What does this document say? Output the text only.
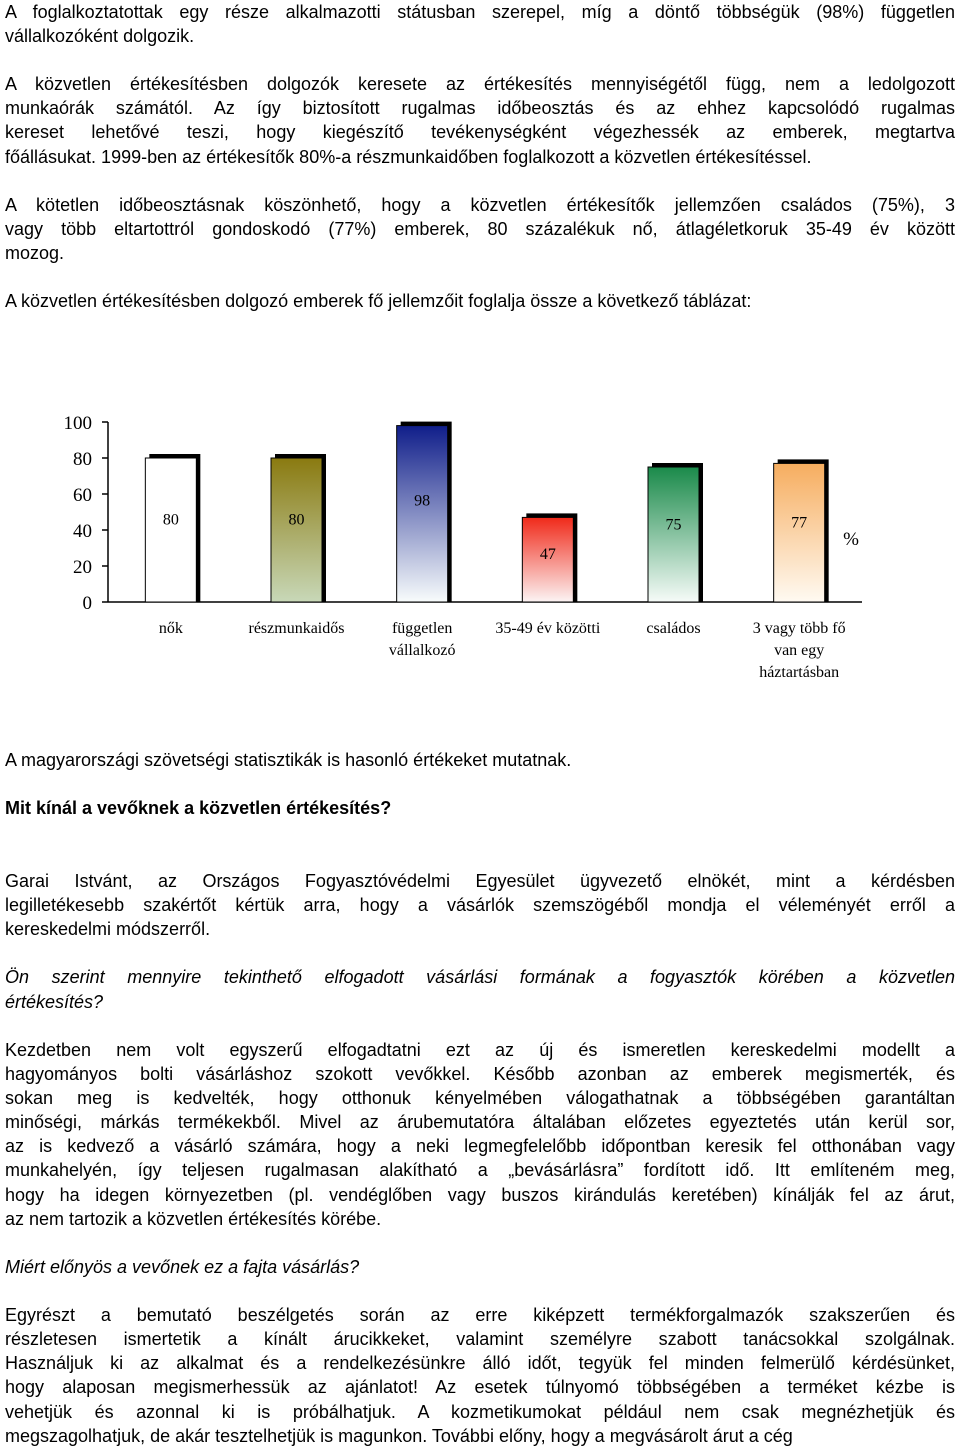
A foglalkoztatottak egy része alkalmazotti státusban szerepel, míg a döntő többségük (98%) független
vállalkozóként dolgozik.
A közvetlen értékesítésben dolgozók keresete az értékesítés mennyiségétől függ, nem a ledolgozott
munkaórák számától. Az így biztosított rugalmas időbeosztás és az ehhez kapcsolódó rugalmas
kereset lehetővé teszi, hogy kiegészítő tevékenységként végezhessék az emberek, megtartva
főállásukat. 1999-ben az értékesítők 80%-a részmunkaidőben foglalkozott a közvetlen értékesítéssel.
A kötetlen időbeosztásnak köszönhető, hogy a közvetlen értékesítők jellemzően családos (75%), 3
vagy több eltartottról gondoskodó (77%) emberek, 80 százalékuk nő, átlagéletkoruk 35-49 év között
mozog.
A közvetlen értékesítésben dolgozó emberek fő jellemzőit foglalja össze a következő táblázat:
A magyarországi szövetségi statisztikák is hasonló értékeket mutatnak.
Mit kínál a vevőknek a közvetlen értékesítés?
Garai Istvánt, az Országos Fogyasztóvédelmi Egyesület ügyvezető elnökét, mint a kérdésben
legilletékesebb szakértőt kértük arra, hogy a vásárlók szemszögéből mondja el véleményét erről a
kereskedelmi módszerről.
Ön szerint mennyire tekinthető elfogadott vásárlási formának a fogyasztók körében a közvetlen
értékesítés?
Kezdetben nem volt egyszerű elfogadtatni ezt az új és ismeretlen kereskedelmi modellt a
hagyományos bolti vásárláshoz szokott vevőkkel. Később azonban az emberek megismerték, és
sokan meg is kedvelték, hogy otthonuk kényelmében válogathatnak a többségében garantáltan
minőségi, márkás termékekből. Mivel az árubemutatóra általában előzetes egyeztetés után kerül sor,
az is kedvező a vásárló számára, hogy a neki legmegfelelőbb időpontban keresik fel otthonában vagy
munkahelyén, így teljesen rugalmasan alakítható a „bevásárlásra” fordított idő. Itt említeném meg,
hogy ha idegen környezetben (pl. vendéglőben vagy buszos kirándulás keretében) kínálják fel az árut,
az nem tartozik a közvetlen értékesítés körébe.
Miért előnyös a vevőnek ez a fajta vásárlás?
Egyrészt a bemutató beszélgetés során az erre kiképzett termékforgalmazók szakszerűen és
részletesen ismertetik a kínált árucikkeket, valamint személyre szabott tanácsokkal szolgálnak.
Használjuk ki az alkalmat és a rendelkezésünkre álló időt, tegyük fel minden felmerülő kérdésünket,
hogy alaposan megismerhessük az ajánlatot! Az esetek túlnyomó többségében a terméket kézbe is
vehetjük és azonnal ki is próbálhatjuk. A kozmetikumokat például nem csak megnézhetjük és
megszagolhatjuk, de akár tesztelhetjük is magunkon. További előny, hogy a megvásárolt árut a cég
0
20
40
60
80
100
80
nők
80
részmunkaidős
98
független
vállalkozó
47
35-49 év közötti
75
családos
77
3 vagy több fő
van egy
háztartásban
%
